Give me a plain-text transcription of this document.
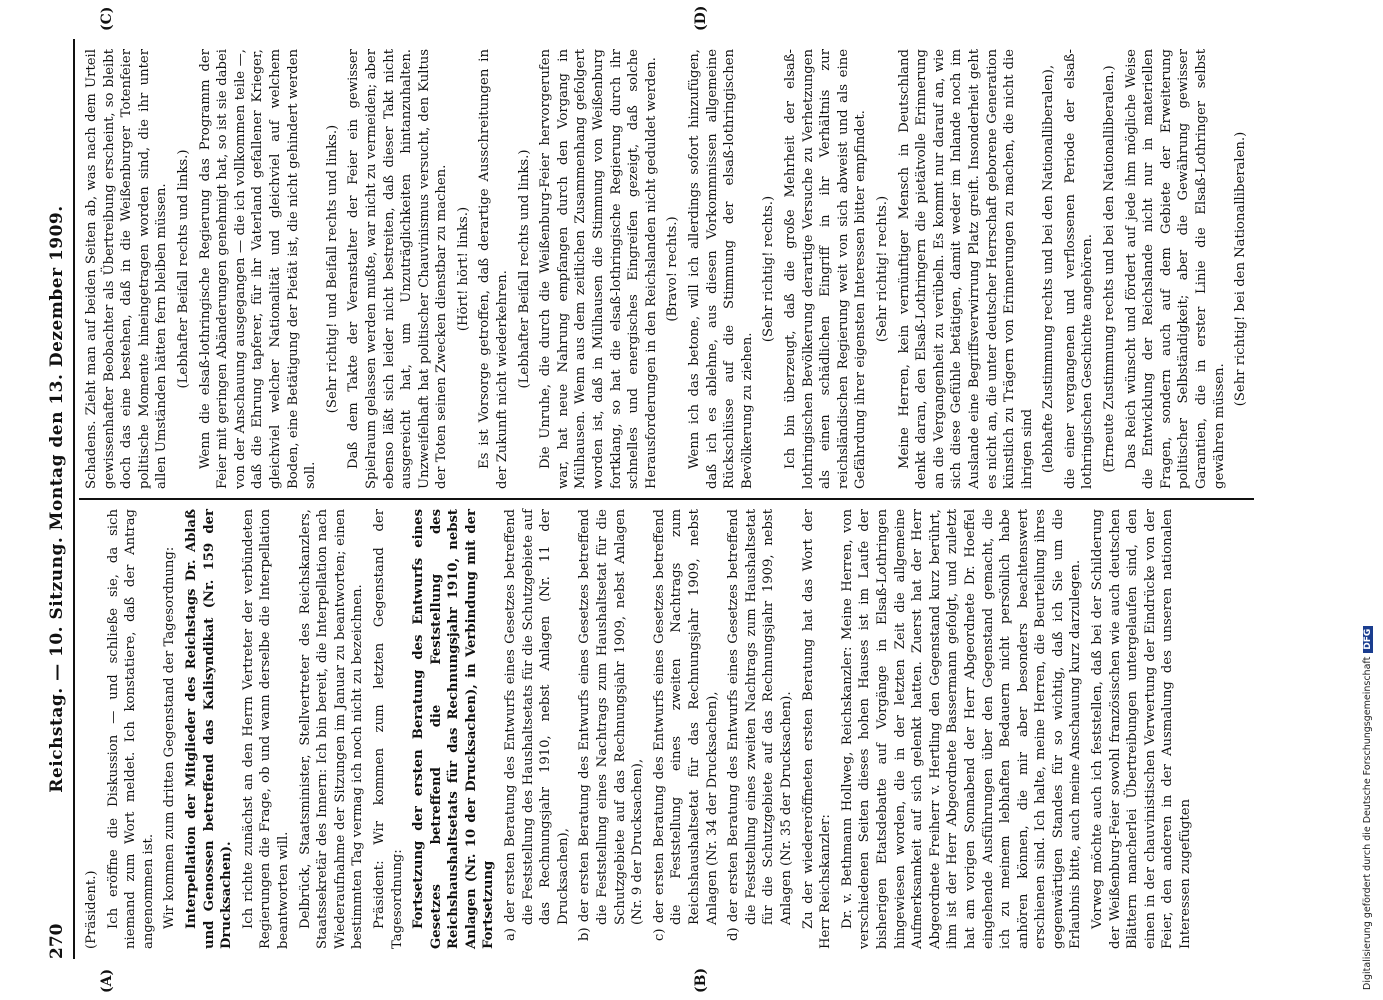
270
Reichstag. — 10. Sitzung. Montag den 13. Dezember 1909.
(A)	(B)

(Präsident.) Ich eröffne die Diskussion — und schließe sie, da sich niemand zum Wort meldet. Ich konstatiere, daß der Antrag angenommen ist. Wir kommen zum dritten Gegenstand der Tagesordnung: Interpellation der Mitglieder des Reichstags Dr. Ablaß und Genossen betreffend das Kalisyndikat (Nr. 159 der Drucksachen). Ich richte zunächst an den Herrn Vertreter der verbündeten Regierungen die Frage, ob und wann derselbe die Interpellation beantworten will. Delbrück, Staatsminister, Stellvertreter des Reichskanzlers, Staatssekretär des Innern: Ich bin bereit, die Interpellation nach Wiederaufnahme der Sitzungen im Januar zu beantworten; einen bestimmten Tag vermag ich noch nicht zu bezeichnen. Präsident: Wir kommen zum letzten Gegenstand der Tagesordnung: Fortsetzung der ersten Beratung des Entwurfs eines Gesetzes betreffend die Feststellung des Reichshaushaltsetats für das Rechnungsjahr 1910, nebst Anlagen (Nr. 10 der Drucksachen), in Verbindung mit der Fortsetzung a) der ersten Beratung des Entwurfs eines Gesetzes betreffend die Feststellung des Haushaltsetats für die Schutzgebiete auf das Rechnungsjahr 1910, nebst Anlagen (Nr. 11 der Drucksachen), b) der ersten Beratung des Entwurfs eines Gesetzes betreffend die Feststellung eines Nachtrags zum Haushaltsetat für die Schutzgebiete auf das Rechnungsjahr 1909, nebst Anlagen (Nr. 9 der Drucksachen), c) der ersten Beratung des Entwurfs eines Gesetzes betreffend die Feststellung eines zweiten Nachtrags zum Reichshaushaltsetat für das Rechnungsjahr 1909, nebst Anlagen (Nr. 34 der Drucksachen), d) der ersten Beratung des Entwurfs eines Gesetzes betreffend die Feststellung eines zweiten Nachtrags zum Haushaltsetat für die Schutzgebiete auf das Rechnungsjahr 1909, nebst Anlagen (Nr. 35 der Drucksachen). Zu der wiedereröffneten ersten Beratung hat das Wort der Herr Reichskanzler: Dr. v. Bethmann Hollweg, Reichskanzler: Meine Herren, von verschiedenen Seiten dieses hohen Hauses ist im Laufe der bisherigen Etatsdebatte auf Vorgänge in Elsaß-Lothringen hingewiesen worden, die in der letzten Zeit die allgemeine Aufmerksamkeit auf sich gelenkt hatten. Zuerst hat der Herr Abgeordnete Freiherr v. Hertling den Gegenstand kurz berührt, ihm ist der Herr Abgeordnete Bassermann gefolgt, und zuletzt hat am vorigen Sonnabend der Herr Abgeordnete Dr. Hoeffel eingehende Ausführungen über den Gegenstand gemacht, die ich zu meinem lebhaften Bedauern nicht persönlich habe anhören können, die mir aber besonders beachtenswert erschienen sind. Ich halte, meine Herren, die Beurteilung ihres gegenwärtigen Standes für so wichtig, daß ich Sie um die Erlaubnis bitte, auch meine Anschauung kurz darzulegen. Vorweg möchte auch ich feststellen, daß bei der Schilderung der Weißenburg-Feier sowohl französischen wie auch deutschen Blättern mancherlei Übertreibungen untergelaufen sind, den einen in der chauvinistischen Verwertung der Eindrücke von der Feier, den anderen in der Ausmalung des unseren nationalen Interessen zugefügten

Schadens. Zieht man auf beiden Seiten ab, was nach dem Urteil gewissenhafter Beobachter als Übertreibung erscheint, so bleibt doch das eine bestehen, daß in die Weißenburger Totenfeier politische Momente hineingetragen worden sind, die ihr unter allen Umständen hätten fern bleiben müssen. (Lebhafter Beifall rechts und links.) Wenn die elsaß-lothringische Regierung das Programm der Feier mit geringen Abänderungen genehmigt hat, so ist sie dabei von der Anschauung ausgegangen — die ich vollkommen teile —, daß die Ehrung tapferer, für ihr Vaterland gefallener Krieger, gleichviel welcher Nationalität und gleichviel auf welchem Boden, eine Betätigung der Pietät ist, die nicht gehindert werden soll.

(Sehr richtig! und Beifall rechts und links.) Daß dem Takte der Veranstalter der Feier ein gewisser Spielraum gelassen werden mußte, war nicht zu vermeiden; aber ebenso läßt sich leider nicht bestreiten, daß dieser Takt nicht ausgereicht hat, um Unzuträglichkeiten hintanzuhalten. Unzweifelhaft hat politischer Chauvinismus versucht, den Kultus der Toten seinen Zwecken dienstbar zu machen. (Hört! hört! links.) Es ist Vorsorge getroffen, daß derartige Ausschreitungen in der Zukunft nicht wiederkehren. (Lebhafter Beifall rechts und links.) Die Unruhe, die durch die Weißenburg-Feier hervorgerufen war, hat neue Nahrung empfangen durch den Vorgang in Mülhausen. Wenn aus dem zeitlichen Zusammenhang gefolgert worden ist, daß in Mülhausen die Stimmung von Weißenburg fortklang, so hat die elsaß-lothringische Regierung durch ihr schnelles und energisches Eingreifen gezeigt, daß solche Herausforderungen in den Reichslanden nicht geduldet werden. (Bravo! rechts.) Wenn ich das betone, will ich allerdings sofort hinzufügen, daß ich es ablehne, aus diesen Vorkommnissen allgemeine Rückschlüsse auf die Stimmung der elsaß-lothringischen Bevölkerung zu ziehen.

(Sehr richtig! rechts.) Ich bin überzeugt, daß die große Mehrheit der elsaß-lothringischen Bevölkerung derartige Versuche zu Verhetzungen als einen schädlichen Eingriff in ihr Verhältnis zur reichsländischen Regierung weit von sich abweist und als eine Gefährdung ihrer eigensten Interessen bitter empfindet. (Sehr richtig! rechts.) Meine Herren, kein vernünftiger Mensch in Deutschland denkt daran, den Elsaß-Lothringern die pietätvolle Erinnerung an die Vergangenheit zu verübeln. Es kommt nur darauf an, wie sich diese Gefühle betätigen, damit weder im Inlande noch im Auslande eine Begriffsverwirrung Platz greift. Insonderheit geht es nicht an, die unter deutscher Herrschaft geborene Generation künstlich zu Trägern von Erinnerungen zu machen, die nicht die ihrigen sind (lebhafte Zustimmung rechts und bei den Nationalliberalen), die einer vergangenen und verflossenen Periode der elsaß-lothringischen Geschichte angehören. (Erneute Zustimmung rechts und bei den Nationalliberalen.) Das Reich wünscht und fördert auf jede ihm mögliche Weise die Entwicklung der Reichslande nicht nur in materiellen Fragen, sondern auch auf dem Gebiete der Erweiterung politischer Selbständigkeit; aber die Gewährung gewisser Garantien, die in erster Linie die Elsaß-Lothringer selbst gewähren müssen.

(Sehr richtig! bei den Nationalliberalen.)

(C)	(D)
Digitalisierung gefördert durch die Deutsche ForschungsgemeinschaftDFG
